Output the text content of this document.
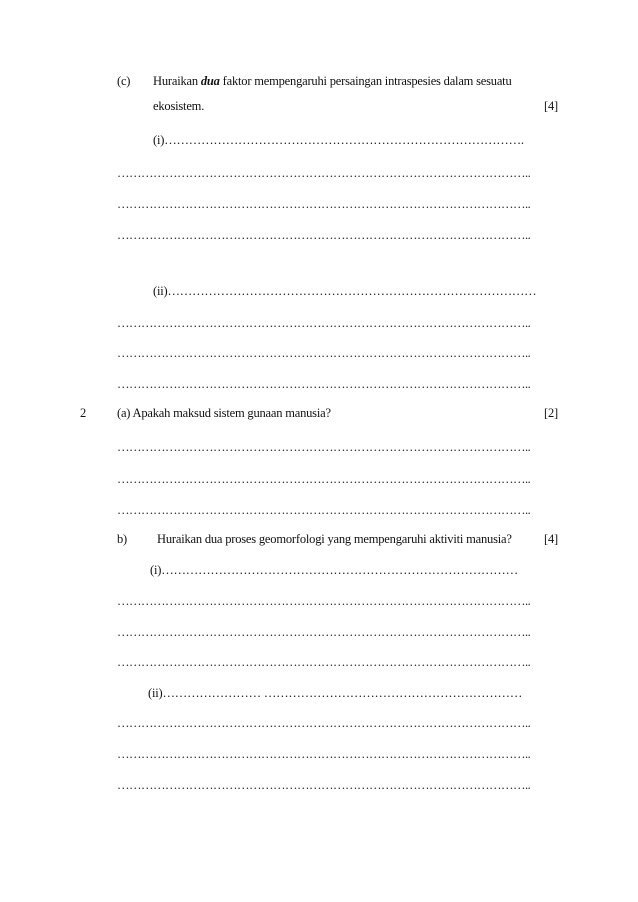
(c) Huraikan dua faktor mempengaruhi persaingan intraspesies dalam sesuatu
ekosistem.	[4]
(i)…………………………………………………………………………….
…………………………………………………………………………………………..
…………………………………………………………………………………………..
…………………………………………………………………………………………..
(ii)………………………………………………………………………………
…………………………………………………………………………………………..
…………………………………………………………………………………………..
…………………………………………………………………………………………..
2 (a) Apakah maksud sistem gunaan manusia?	[2]
…………………………………………………………………………………………..
…………………………………………………………………………………………..
…………………………………………………………………………………………..
b) Huraikan dua proses geomorfologi yang mempengaruhi aktiviti manusia?	[4]
(i)……………………………………………………………………………
…………………………………………………………………………………………..
…………………………………………………………………………………………..
…………………………………………………………………………………………..
(ii)…………………… ………………………………………………………
…………………………………………………………………………………………..
…………………………………………………………………………………………..
…………………………………………………………………………………………..
